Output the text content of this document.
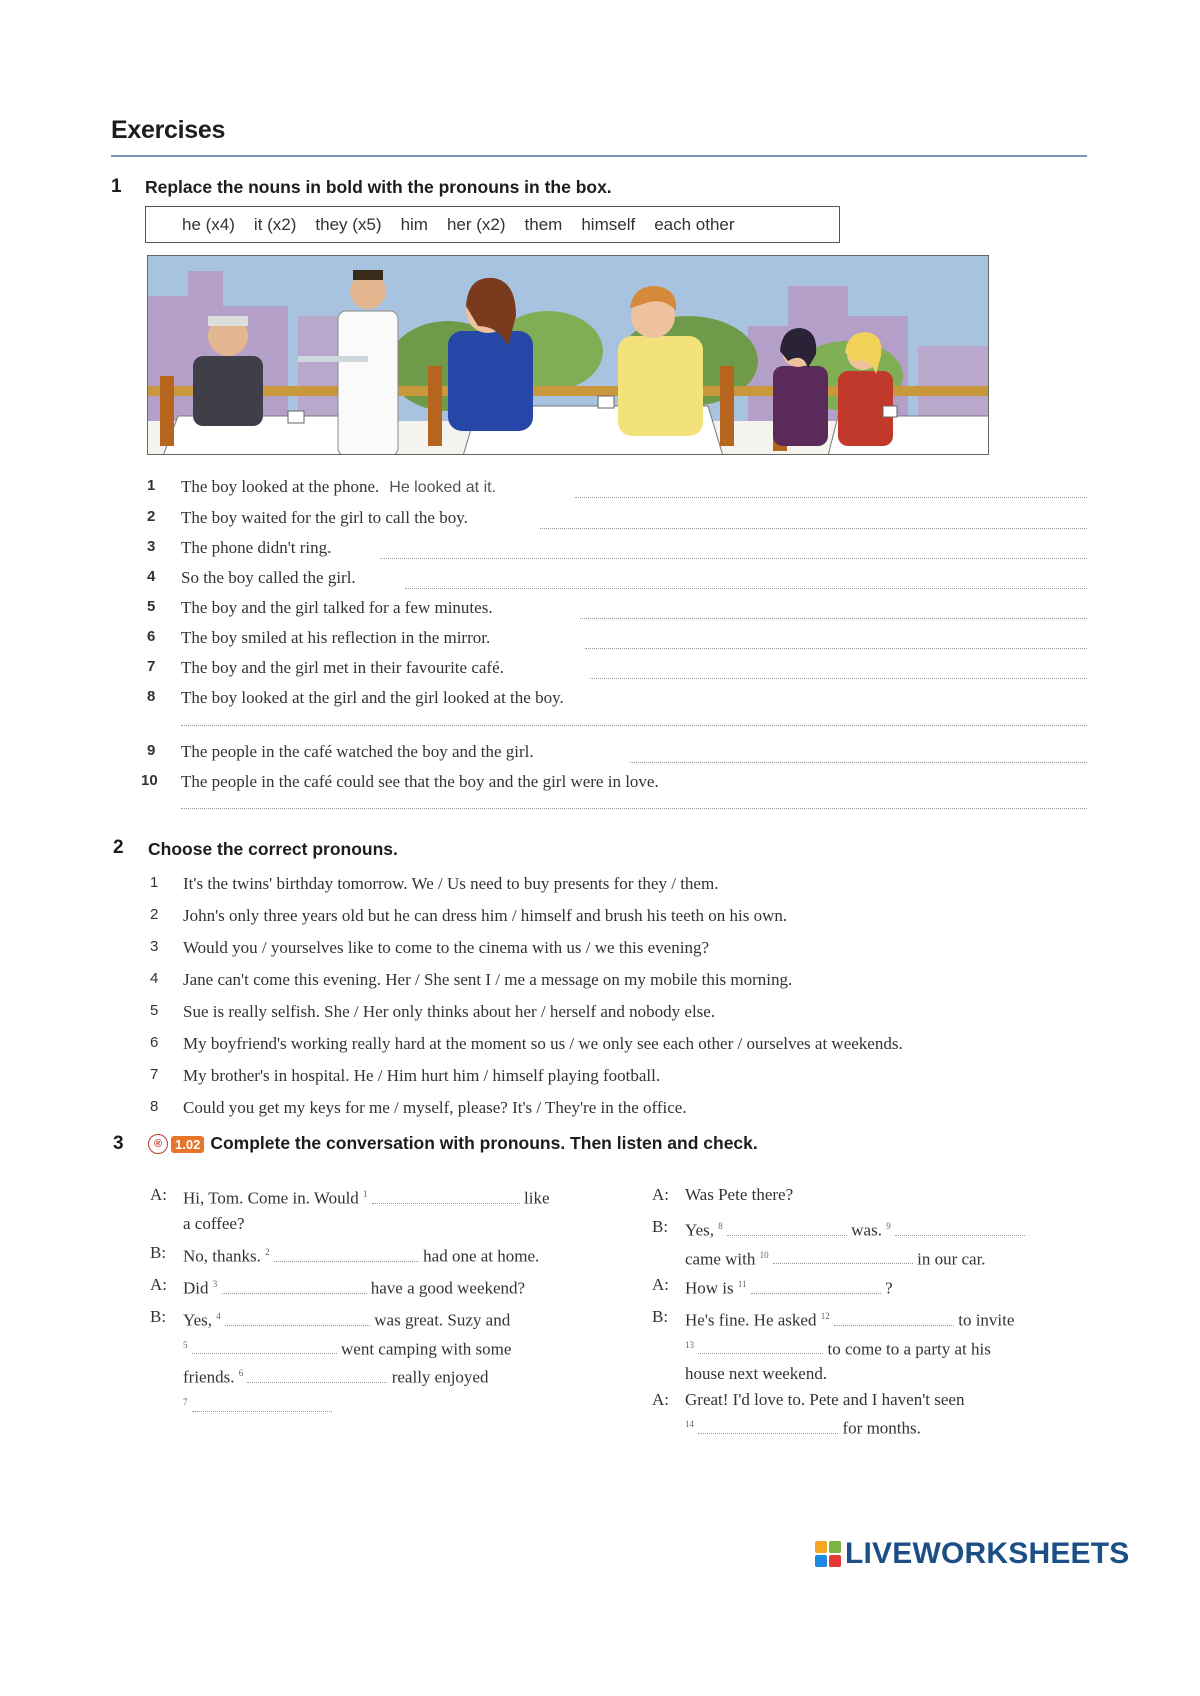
Exercises
1 Replace the nouns in bold with the pronouns in the box.
he (x4) it (x2) they (x5) him her (x2) them himself each other
1	The boy looked at the phone. He looked at it.
2	The boy waited for the girl to call the boy.
3	The phone didn't ring.
4	So the boy called the girl.
5	The boy and the girl talked for a few minutes.
6	The boy smiled at his reflection in the mirror.
7	The boy and the girl met in their favourite café.
8	The boy looked at the girl and the girl looked at the boy.
9	The people in the café watched the boy and the girl.
10	The people in the café could see that the boy and the girl were in love.
2 Choose the correct pronouns.
1 It's the twins' birthday tomorrow. We / Us need to buy presents for they / them.
2 John's only three years old but he can dress him / himself and brush his teeth on his own.
3 Would you / yourselves like to come to the cinema with us / we this evening?
4 Jane can't come this evening. Her / She sent I / me a message on my mobile this morning.
5 Sue is really selfish. She / Her only thinks about her / herself and nobody else.
6 My boyfriend's working really hard at the moment so us / we only see each other / ourselves at weekends.
7 My brother's in hospital. He / Him hurt him / himself playing football.
8 Could you get my keys for me / myself, please? It's / They're in the office.
3	® 1.02 Complete the conversation with pronouns. Then listen and check.
A: Hi, Tom. Come in. Would $^1$	like
a coffee?
B: No, thanks. $^2$	had one at home.
A: Did $^3$	have a good weekend?
B: Yes, $^4$	was great. Suzy and
$^5$	went camping with some
friends. $^6$	really enjoyed
$^7$
A: Was Pete there?
B: Yes, $^8$	was. $^9$
came with $^{10}$	in our car.
A: How is $^{11}$	?
B: He's fine. He asked $^{12}$	to invite
$^{13}$	to come to a party at his
house next weekend.
A: Great! I'd love to. Pete and I haven't seen
$^{14}$	for months.
LIVEWORKSHEETS
